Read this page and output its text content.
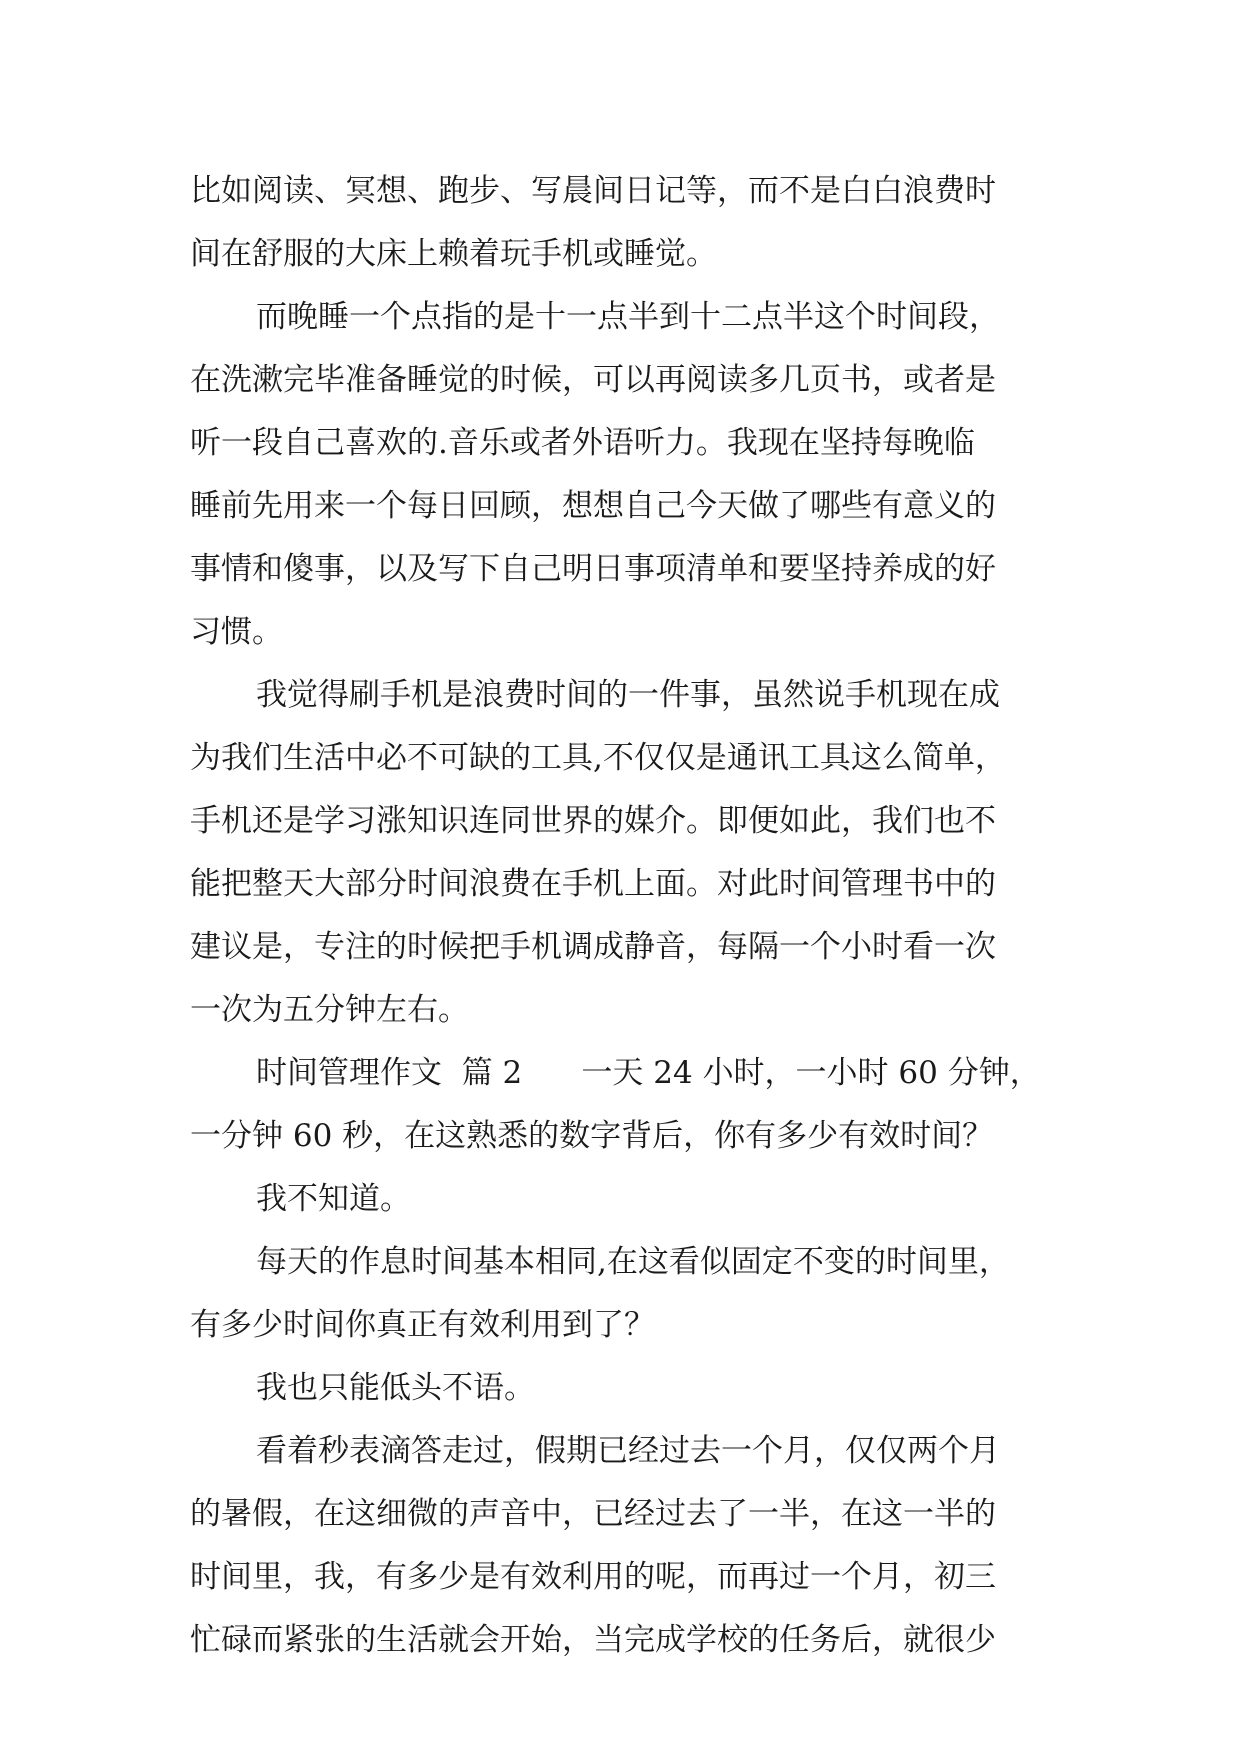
比如阅读、冥想、跑步、写晨间日记等，而不是白白浪费时
间在舒服的大床上赖着玩手机或睡觉。
而晚睡一个点指的是十一点半到十二点半这个时间段，
在洗漱完毕准备睡觉的时候，可以再阅读多几页书，或者是
听一段自己喜欢的.音乐或者外语听力。我现在坚持每晚临
睡前先用来一个每日回顾，想想自己今天做了哪些有意义的
事情和傻事，以及写下自己明日事项清单和要坚持养成的好
习惯。
我觉得刷手机是浪费时间的一件事，虽然说手机现在成
为我们生活中必不可缺的工具,不仅仅是通讯工具这么简单，
手机还是学习涨知识连同世界的媒介。即便如此，我们也不
能把整天大部分时间浪费在手机上面。对此时间管理书中的
建议是，专注的时候把手机调成静音，每隔一个小时看一次
一次为五分钟左右。
时间管理作文  篇 2      一天 24 小时，一小时 60 分钟，
一分钟 60 秒，在这熟悉的数字背后，你有多少有效时间？
我不知道。
每天的作息时间基本相同,在这看似固定不变的时间里，
有多少时间你真正有效利用到了？
我也只能低头不语。
看着秒表滴答走过，假期已经过去一个月，仅仅两个月
的暑假，在这细微的声音中，已经过去了一半，在这一半的
时间里，我，有多少是有效利用的呢，而再过一个月，初三
忙碌而紧张的生活就会开始，当完成学校的任务后，就很少
